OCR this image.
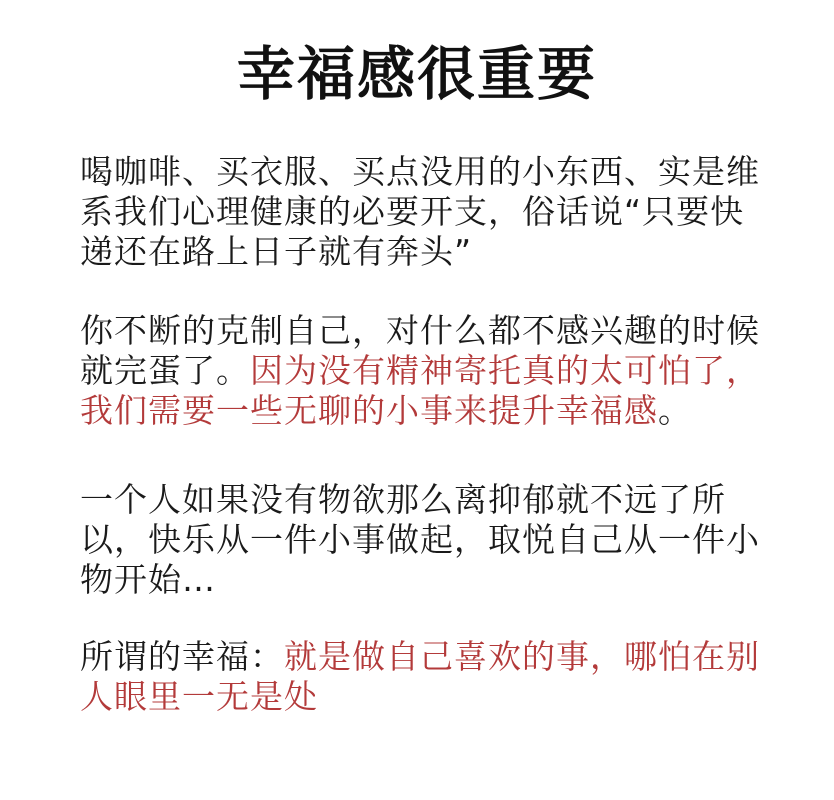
幸福感很重要
喝咖啡、买衣服、买点没用的小东西、实是维
系我们心理健康的必要开支，俗话说“只要快
递还在路上日子就有奔头”
你不断的克制自己，对什么都不感兴趣的时候
就完蛋了。因为没有精神寄托真的太可怕了，
我们需要一些无聊的小事来提升幸福感。
一个人如果没有物欲那么离抑郁就不远了所
以，快乐从一件小事做起，取悦自己从一件小
物开始…
所谓的幸福：就是做自己喜欢的事，哪怕在别
人眼里一无是处
